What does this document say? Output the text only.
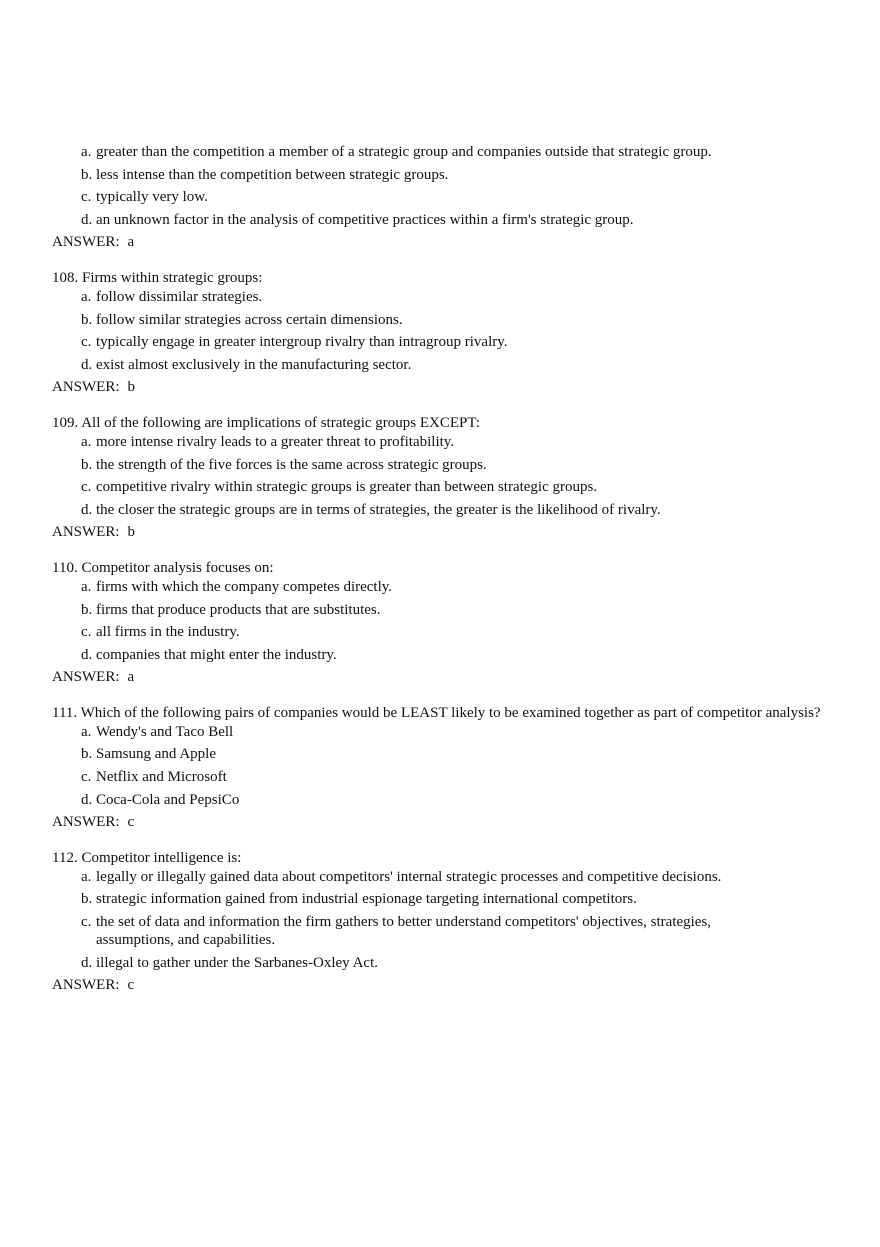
a. greater than the competition a member of a strategic group and companies outside that strategic group.
b. less intense than the competition between strategic groups.
c. typically very low.
d. an unknown factor in the analysis of competitive practices within a firm's strategic group.
ANSWER: a
108. Firms within strategic groups:
a. follow dissimilar strategies.
b. follow similar strategies across certain dimensions.
c. typically engage in greater intergroup rivalry than intragroup rivalry.
d. exist almost exclusively in the manufacturing sector.
ANSWER: b
109. All of the following are implications of strategic groups EXCEPT:
a. more intense rivalry leads to a greater threat to profitability.
b. the strength of the five forces is the same across strategic groups.
c. competitive rivalry within strategic groups is greater than between strategic groups.
d. the closer the strategic groups are in terms of strategies, the greater is the likelihood of rivalry.
ANSWER: b
110. Competitor analysis focuses on:
a. firms with which the company competes directly.
b. firms that produce products that are substitutes.
c. all firms in the industry.
d. companies that might enter the industry.
ANSWER: a
111. Which of the following pairs of companies would be LEAST likely to be examined together as part of competitor analysis?
a. Wendy's and Taco Bell
b. Samsung and Apple
c. Netflix and Microsoft
d. Coca-Cola and PepsiCo
ANSWER: c
112. Competitor intelligence is:
a. legally or illegally gained data about competitors' internal strategic processes and competitive decisions.
b. strategic information gained from industrial espionage targeting international competitors.
c. the set of data and information the firm gathers to better understand competitors' objectives, strategies, assumptions, and capabilities.
d. illegal to gather under the Sarbanes-Oxley Act.
ANSWER: c
